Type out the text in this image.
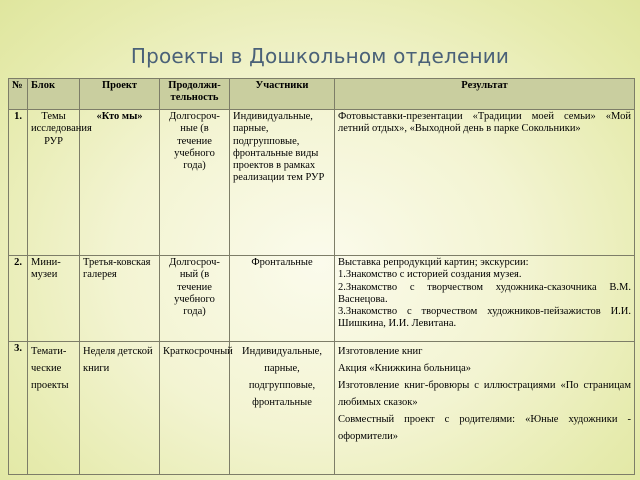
Проекты в Дошкольном отделении
№	Блок	Проект	Продолжи-тельность	Участники	Результат
1.	Темы исследования РУР	«Кто мы»	Долгосроч-ные (в течение учебного года)	Индивидуальные, парные, подгрупповые, фронтальные виды проектов в рамках реализации тем РУР	Фотовыставки-презентации «Традиции моей семьи» «Мой летний отдых», «Выходной день в парке Сокольники»

2.	Мини-музеи	Третья-ковская галерея	Долгосроч-ный (в течение учебного года)	Фронтальные	Выставка репродукций картин; экскурсии:
1.Знакомство с историей создания музея.
2.Знакомство с творчеством художника-сказочника В.М. Васнецова.
3.Знакомство с творчеством художников-пейзажистов И.И. Шишкина, И.И. Левитана.

3.	Темати-ческие проекты	Неделя детской книги	Краткосрочный	Индивидуальные, парные, подгрупповые, фронтальные	Изготовление книг
Акция «Книжкина больница»
Изготовление книг-бровюры с иллюстрациями «По страницам любимых сказок»
Совместный проект с родителями: «Юные художники - оформители»
